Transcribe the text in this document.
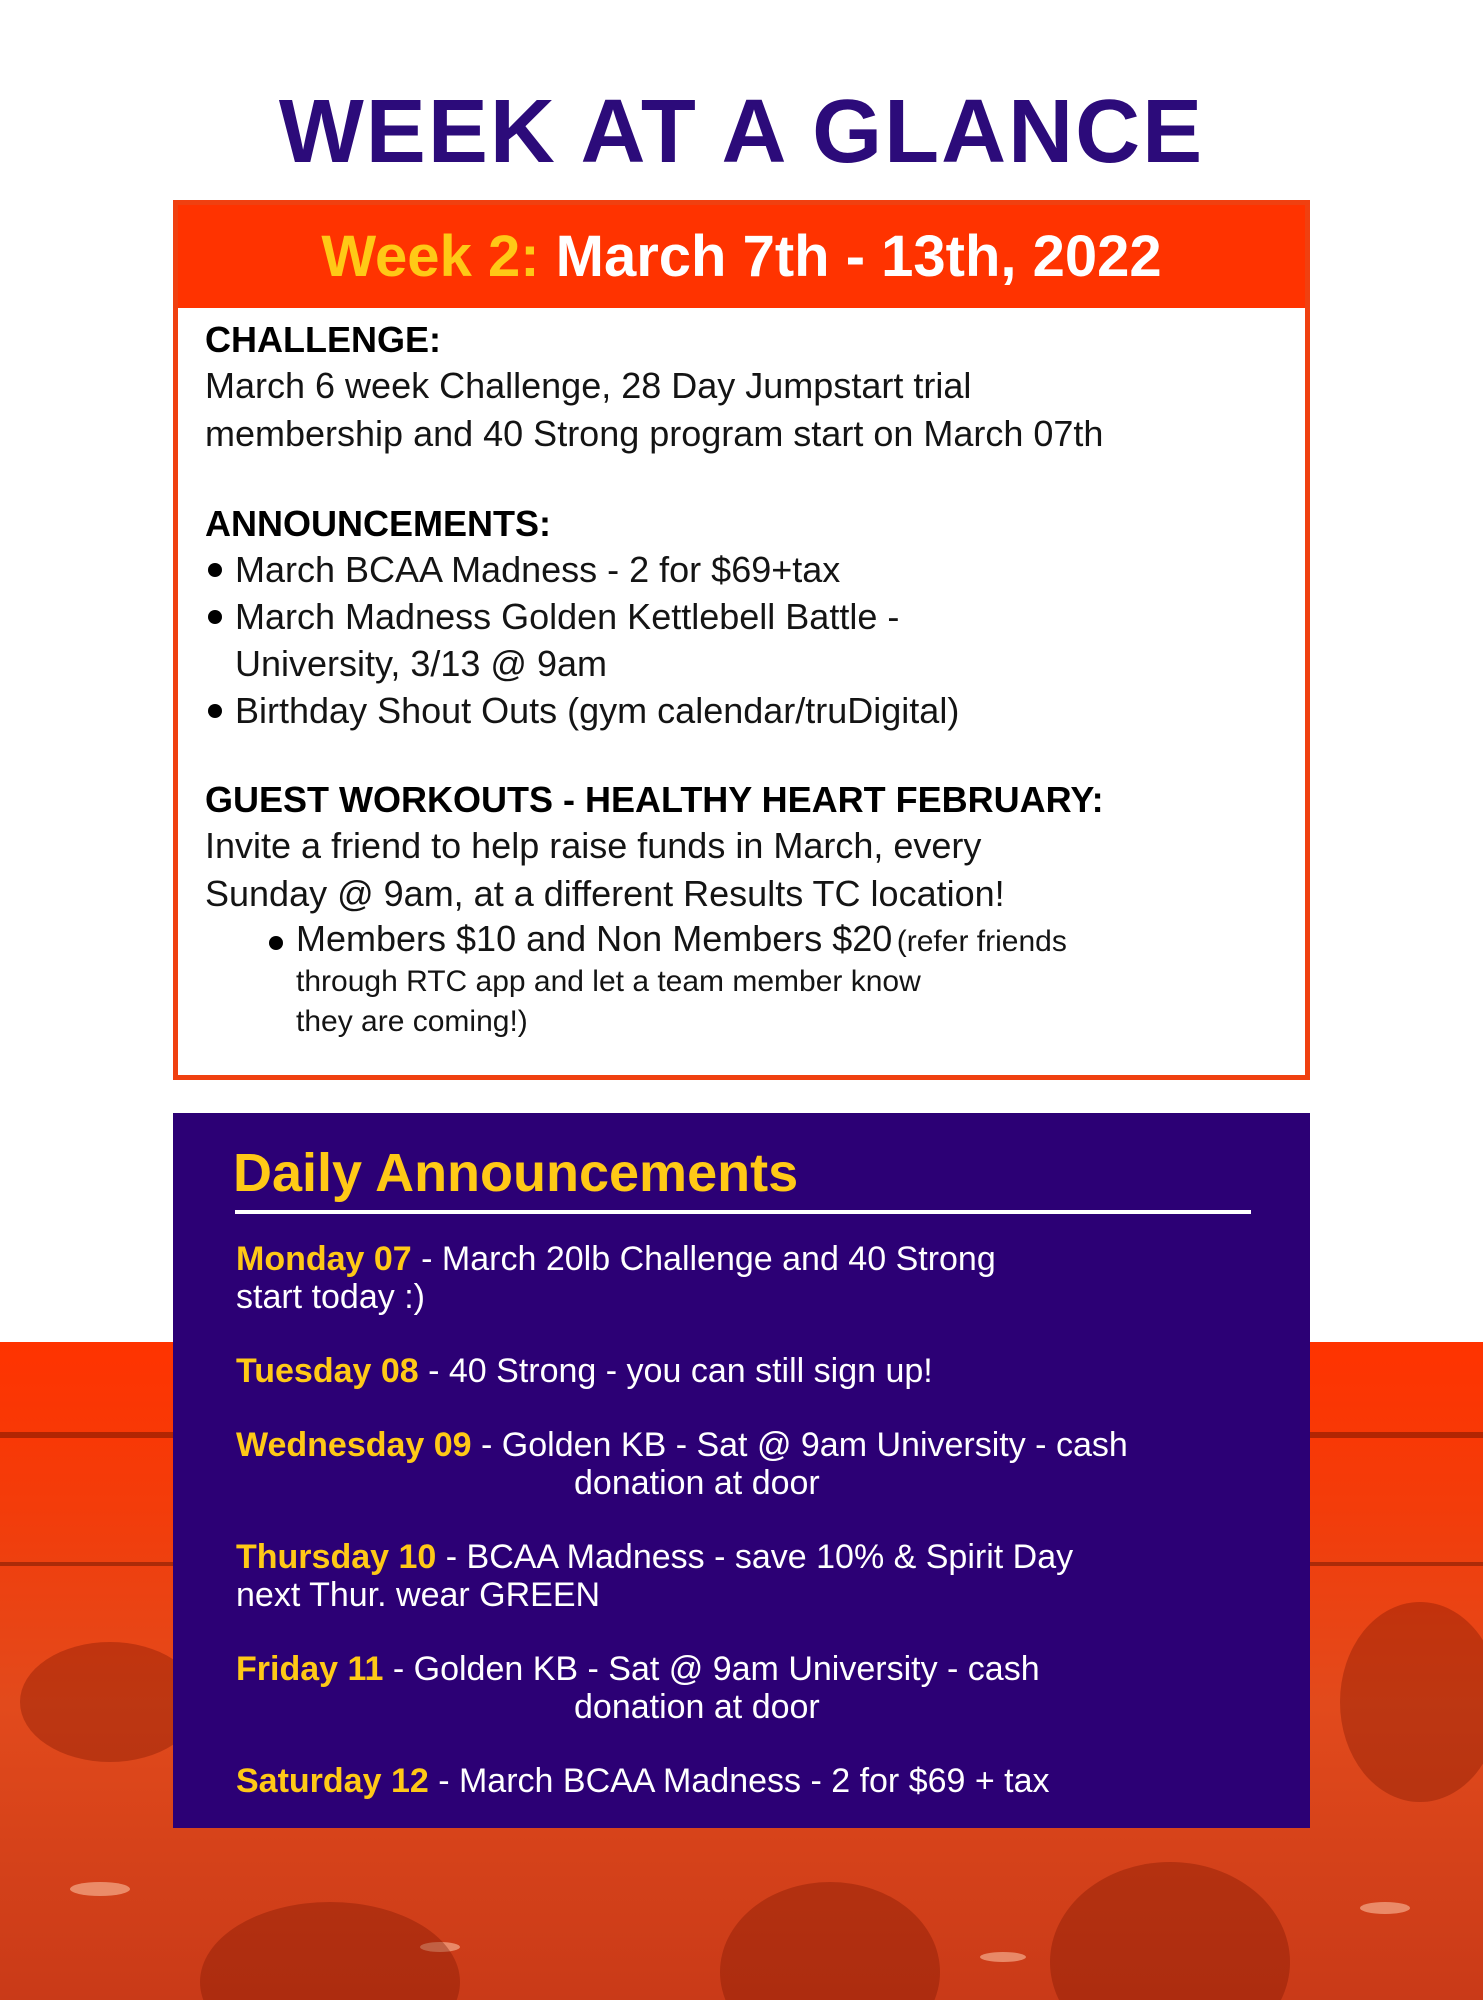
WEEK AT A GLANCE
Week 2: March 7th - 13th, 2022

CHALLENGE:

March 6 week Challenge, 28 Day Jumpstart trial
membership and 40 Strong program start on March 07th

ANNOUNCEMENTS:

March BCAA Madness - 2 for $69+tax
March Madness Golden Kettlebell Battle -
University, 3/13 @ 9am
Birthday Shout Outs (gym calendar/truDigital)

GUEST WORKOUTS - HEALTHY HEART FEBRUARY:

Invite a friend to help raise funds in March, every
Sunday @ 9am, at a different Results TC location!

Members $10 and Non Members $20 (refer friends
through RTC app and let a team member know
they are coming!)
Daily Announcements
Monday 07 - March 20lb Challenge and 40 Strong
start today :)
Tuesday 08 - 40 Strong - you can still sign up!
Wednesday 09 - Golden KB - Sat @ 9am University - cash
donation at door
Thursday 10 - BCAA Madness - save 10% & Spirit Day
next Thur. wear GREEN
Friday 11 - Golden KB - Sat @ 9am University - cash
donation at door
Saturday 12 - March BCAA Madness - 2 for $69 + tax
